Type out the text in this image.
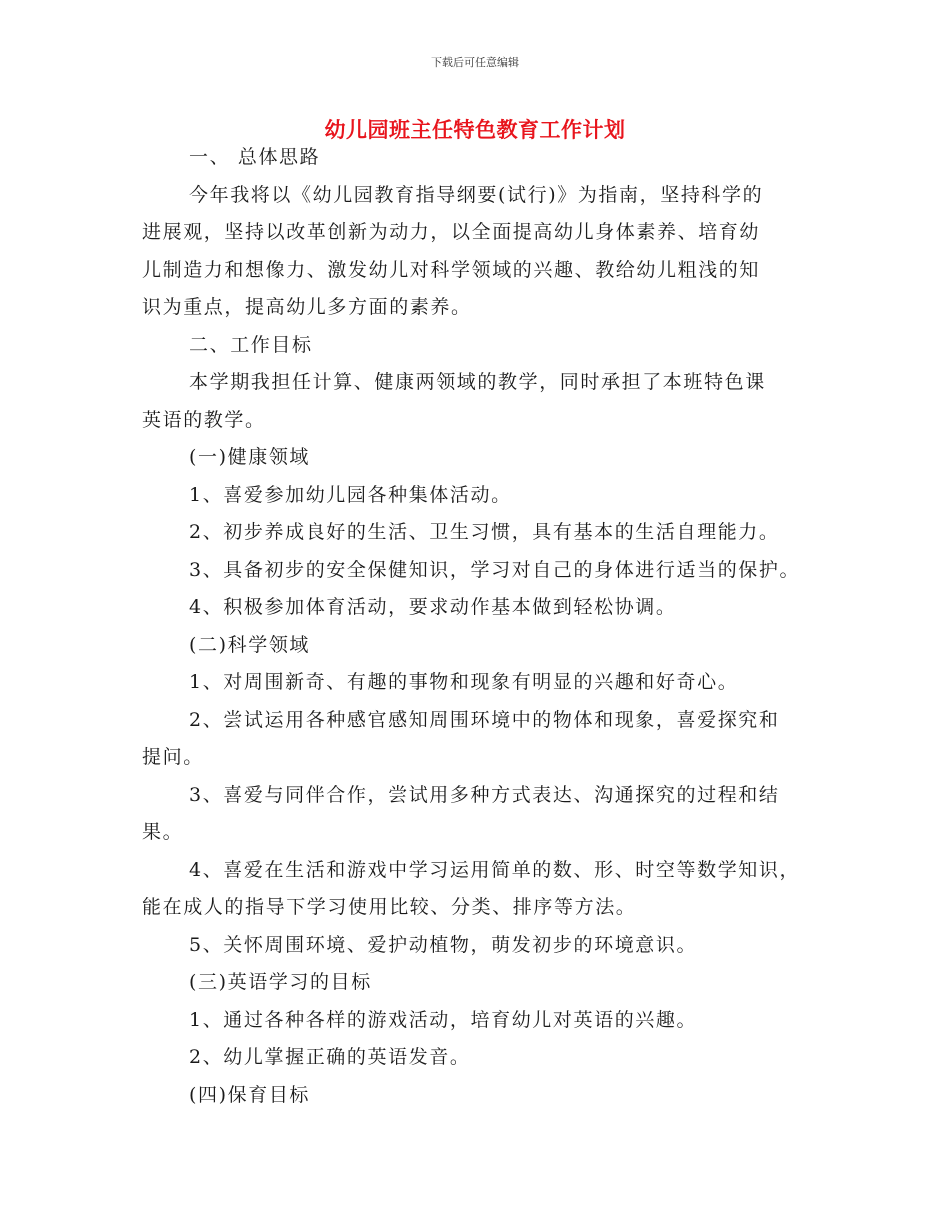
下载后可任意编辑
幼儿园班主任特色教育工作计划

一、 总体思路

今年我将以《幼儿园教育指导纲要(试行)》为指南，坚持科学的

进展观，坚持以改革创新为动力，以全面提高幼儿身体素养、培育幼

儿制造力和想像力、激发幼儿对科学领域的兴趣、教给幼儿粗浅的知

识为重点，提高幼儿多方面的素养。

二、工作目标

本学期我担任计算、健康两领域的教学，同时承担了本班特色课

英语的教学。

(一)健康领域

1、喜爱参加幼儿园各种集体活动。

2、初步养成良好的生活、卫生习惯，具有基本的生活自理能力。

3、具备初步的安全保健知识，学习对自己的身体进行适当的保护。

4、积极参加体育活动，要求动作基本做到轻松协调。

(二)科学领域

1、对周围新奇、有趣的事物和现象有明显的兴趣和好奇心。

2、尝试运用各种感官感知周围环境中的物体和现象，喜爱探究和

提问。

3、喜爱与同伴合作，尝试用多种方式表达、沟通探究的过程和结

果。

4、喜爱在生活和游戏中学习运用简单的数、形、时空等数学知识，

能在成人的指导下学习使用比较、分类、排序等方法。

5、关怀周围环境、爱护动植物，萌发初步的环境意识。

(三)英语学习的目标

1、通过各种各样的游戏活动，培育幼儿对英语的兴趣。

2、幼儿掌握正确的英语发音。

(四)保育目标
